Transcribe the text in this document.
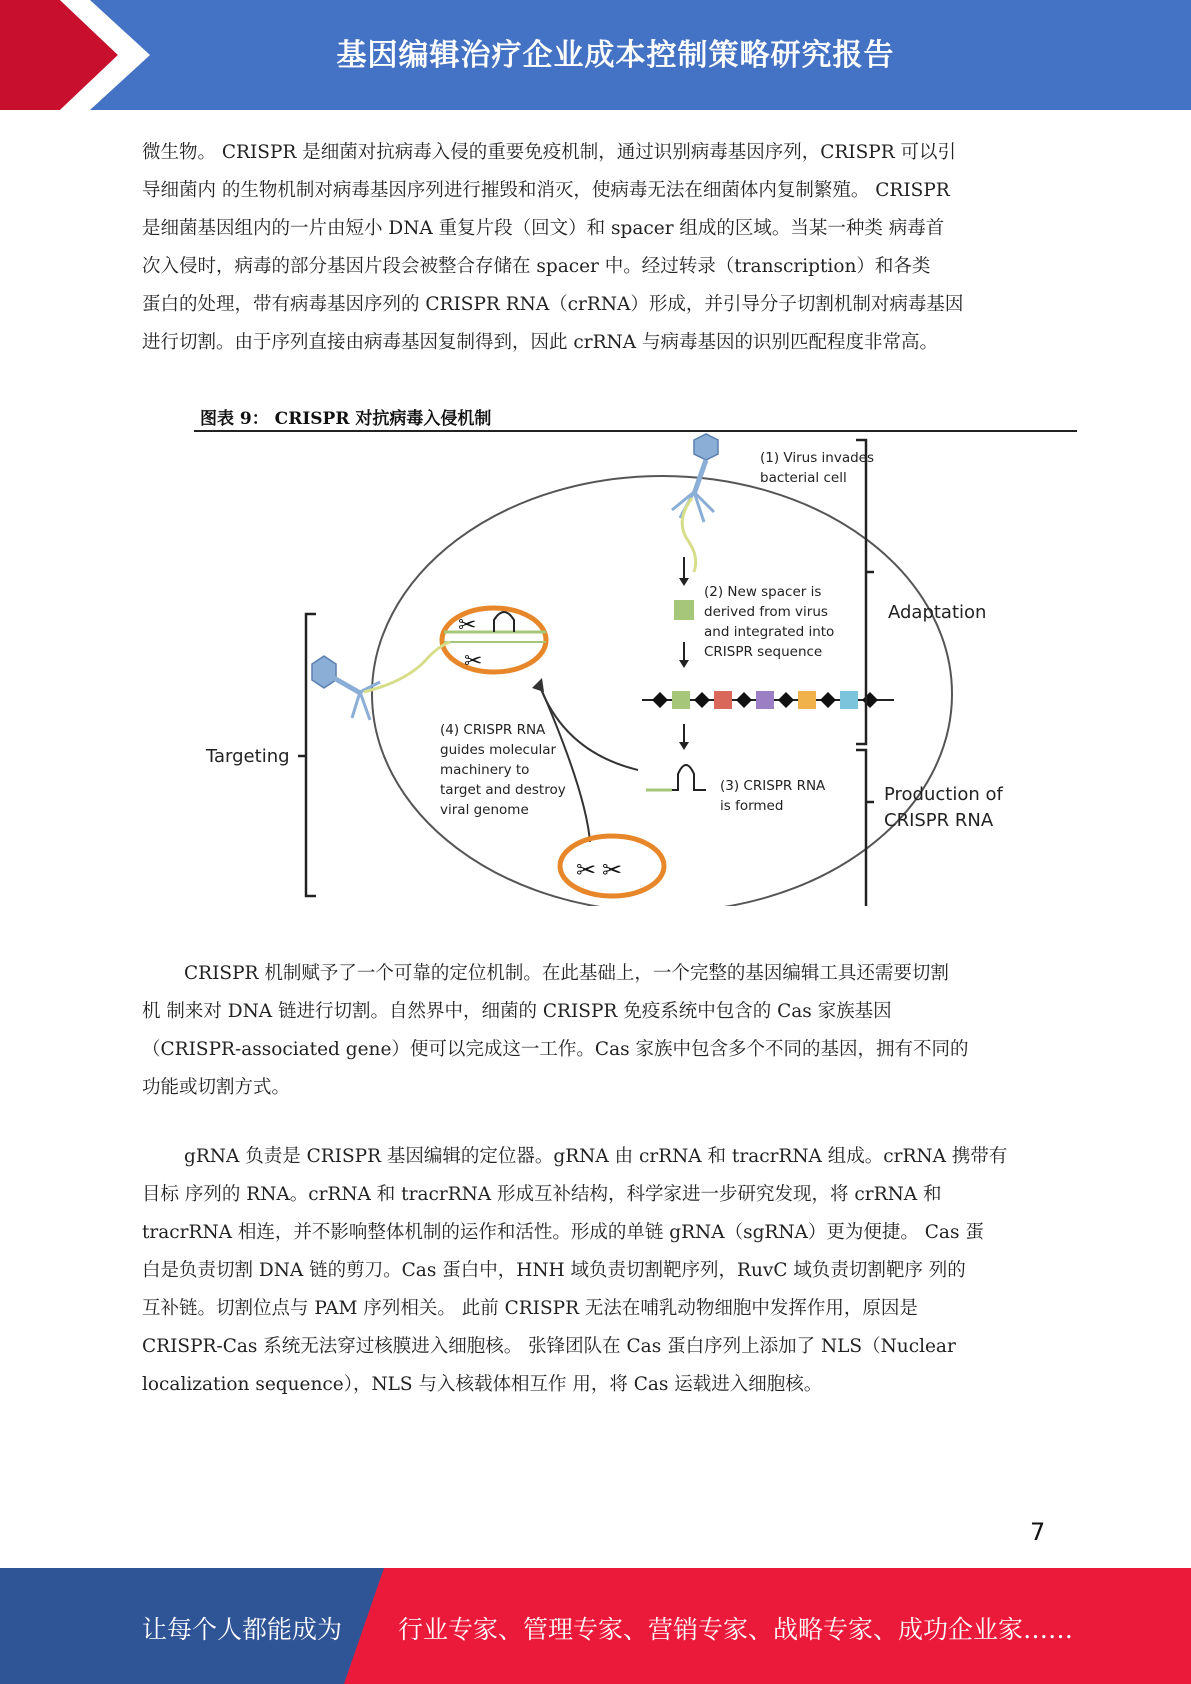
基因编辑治疗企业成本控制策略研究报告

微生物。 CRISPR 是细菌对抗病毒入侵的重要免疫机制，通过识别病毒基因序列，CRISPR 可以引
导细菌内 的生物机制对病毒基因序列进行摧毁和消灭，使病毒无法在细菌体内复制繁殖。 CRISPR
是细菌基因组内的一片由短小 DNA 重复片段（回文）和 spacer 组成的区域。当某一种类 病毒首
次入侵时，病毒的部分基因片段会被整合存储在 spacer 中。经过转录（transcription）和各类
蛋白的处理，带有病毒基因序列的 CRISPR RNA（crRNA）形成，并引导分子切割机制对病毒基因
进行切割。由于序列直接由病毒基因复制得到，因此 crRNA 与病毒基因的识别匹配程度非常高。

图表 9： CRISPR 对抗病毒入侵机制
(1) Virus invades
bacterial cell
(2) New spacer is
derived from virus
and integrated into
CRISPR sequence
(3) CRISPR RNA
is formed
✂
✂
(4) CRISPR RNA
guides molecular
machinery to
target and destroy
viral genome
✂ ✂
Adaptation
Production of
CRISPR RNA
Targeting

CRISPR 机制赋予了一个可靠的定位机制。在此基础上，一个完整的基因编辑工具还需要切割
机 制来对 DNA 链进行切割。自然界中，细菌的 CRISPR 免疫系统中包含的 Cas 家族基因
（CRISPR-associated gene）便可以完成这一工作。Cas 家族中包含多个不同的基因，拥有不同的
功能或切割方式。

gRNA 负责是 CRISPR 基因编辑的定位器。gRNA 由 crRNA 和 tracrRNA 组成。crRNA 携带有
目标 序列的 RNA。crRNA 和 tracrRNA 形成互补结构，科学家进一步研究发现，将 crRNA 和
tracrRNA 相连，并不影响整体机制的运作和活性。形成的单链 gRNA（sgRNA）更为便捷。 Cas 蛋
白是负责切割 DNA 链的剪刀。Cas 蛋白中，HNH 域负责切割靶序列，RuvC 域负责切割靶序 列的
互补链。切割位点与 PAM 序列相关。 此前 CRISPR 无法在哺乳动物细胞中发挥作用，原因是
CRISPR-Cas 系统无法穿过核膜进入细胞核。 张锋团队在 Cas 蛋白序列上添加了 NLS（Nuclear
localization sequence），NLS 与入核载体相互作 用，将 Cas 运载进入细胞核。

7
让每个人都能成为 行业专家、管理专家、营销专家、战略专家、成功企业家……
